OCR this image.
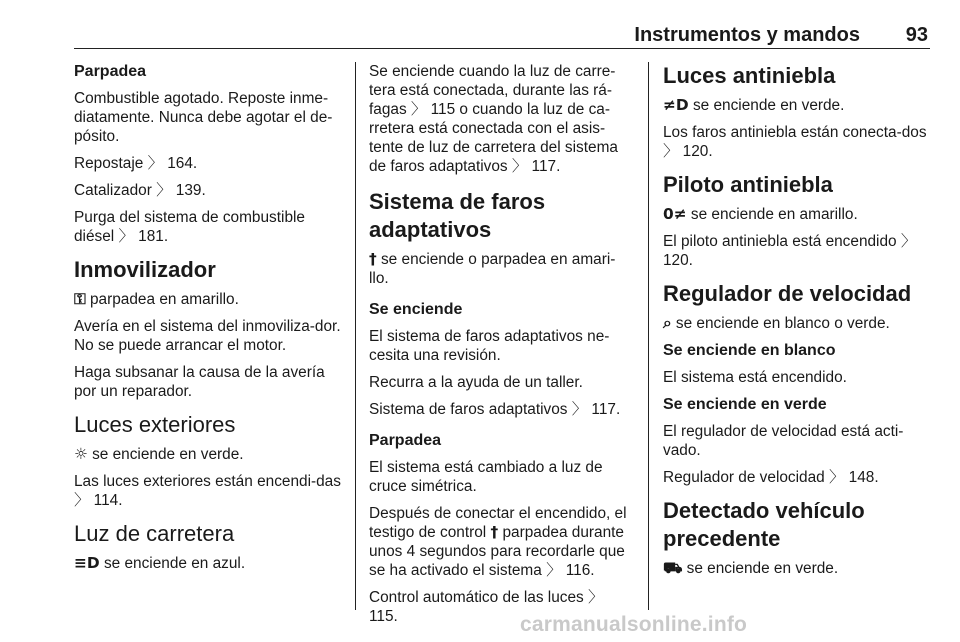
Instrumentos y mandos 93
Parpadea

Combustible agotado. Reposte inme-diatamente. Nunca debe agotar el de-pósito.

Repostaje 〉 164.

Catalizador 〉 139.

Purga del sistema de combustible diésel 〉 181.

Inmovilizador

⚿ parpadea en amarillo.

Avería en el sistema del inmoviliza-dor. No se puede arrancar el motor.

Haga subsanar la causa de la avería por un reparador.

Luces exteriores

☼ se enciende en verde.

Las luces exteriores están encendi-das 〉 114.

Luz de carretera

≡D se enciende en azul.

Se enciende cuando la luz de carre-tera está conectada, durante las rá-fagas 〉 115 o cuando la luz de ca-rretera está conectada con el asis-tente de luz de carretera del sistema de faros adaptativos 〉 117.

Sistema de faros adaptativos

† se enciende o parpadea en amari-llo.

Se enciende

El sistema de faros adaptativos ne-cesita una revisión.

Recurra a la ayuda de un taller.

Sistema de faros adaptativos 〉 117.

Parpadea

El sistema está cambiado a luz de cruce simétrica.

Después de conectar el encendido, el testigo de control † parpadea durante unos 4 segundos para recordarle que se ha activado el sistema 〉 116.

Control automático de las luces 〉 115.

Luces antiniebla

≠D se enciende en verde.

Los faros antiniebla están conecta-dos 〉 120.

Piloto antiniebla

0≠ se enciende en amarillo.

El piloto antiniebla está encendido 〉 120.

Regulador de velocidad

⌕ se enciende en blanco o verde.

Se enciende en blanco

El sistema está encendido.

Se enciende en verde

El regulador de velocidad está acti-vado.

Regulador de velocidad 〉 148.

Detectado vehículo precedente

⛟ se enciende en verde.

carmanualsonline.info
